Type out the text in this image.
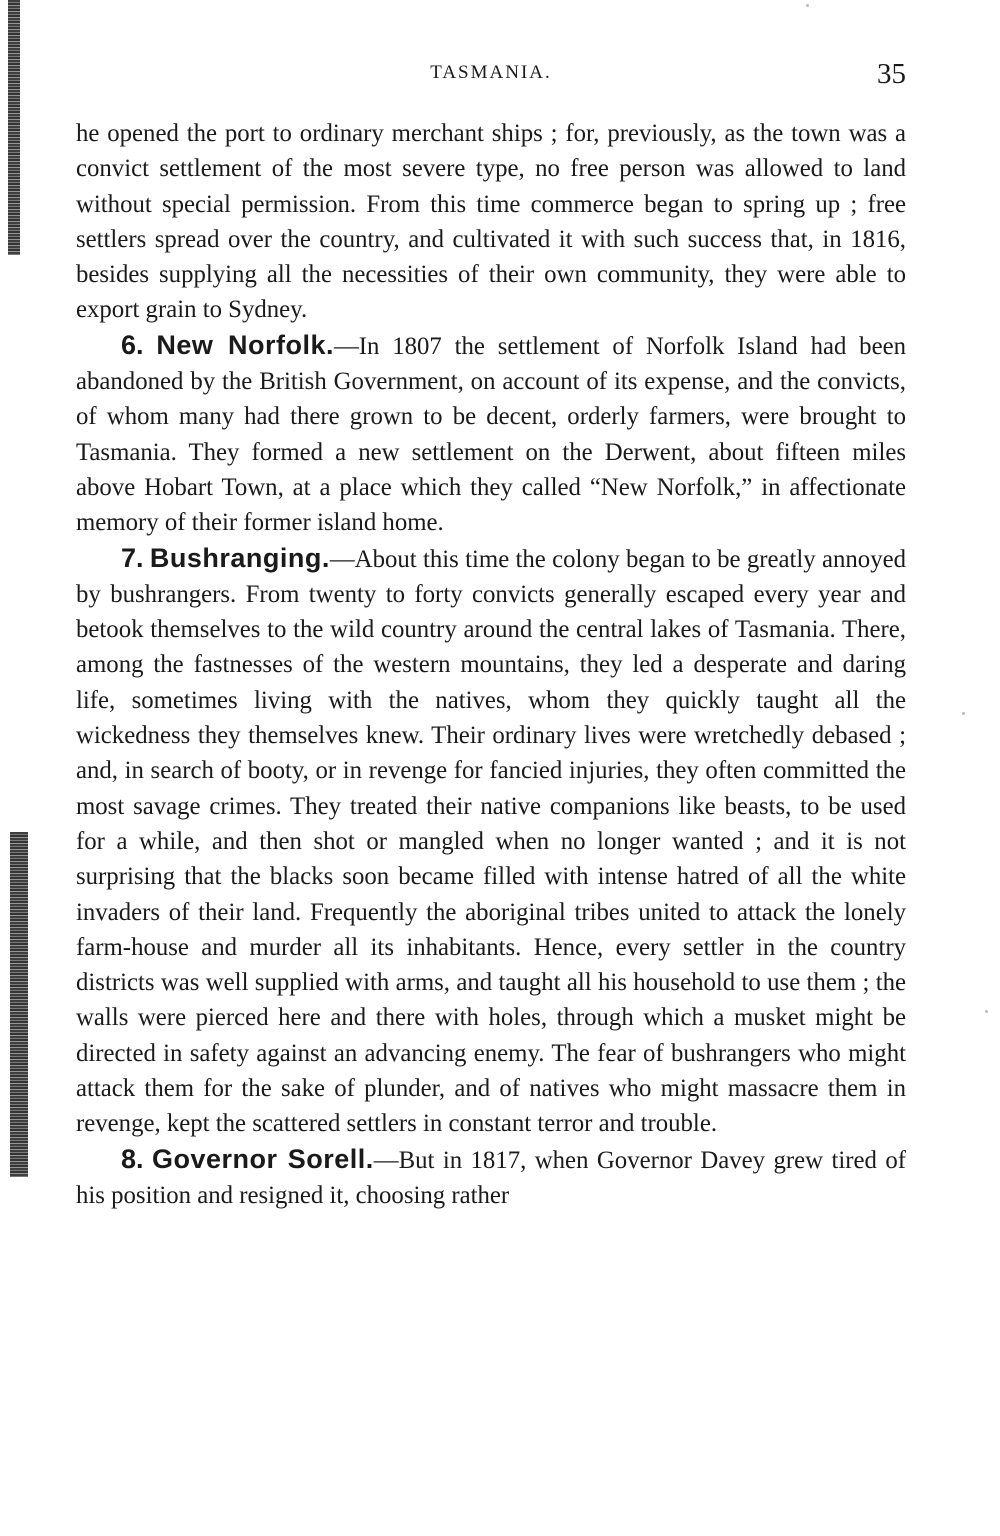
TASMANIA.	35

he opened the port to ordinary merchant ships ; for, previously, as the town was a convict settlement of the most severe type, no free person was allowed to land without special permission. From this time commerce began to spring up ; free settlers spread over the country, and cultivated it with such success that, in 1816, besides supplying all the necessities of their own community, they were able to export grain to Sydney.

6. New Norfolk.—In 1807 the settlement of Norfolk Island had been abandoned by the British Government, on account of its expense, and the convicts, of whom many had there grown to be decent, orderly farmers, were brought to Tasmania. They formed a new settlement on the Derwent, about fifteen miles above Hobart Town, at a place which they called “New Norfolk,” in affectionate memory of their former island home.

7. Bushranging.—About this time the colony began to be greatly annoyed by bushrangers. From twenty to forty convicts generally escaped every year and betook themselves to the wild country around the central lakes of Tasmania. There, among the fastnesses of the western mountains, they led a desperate and daring life, sometimes living with the natives, whom they quickly taught all the wickedness they themselves knew. Their ordinary lives were wretchedly debased ; and, in search of booty, or in revenge for fancied injuries, they often committed the most savage crimes. They treated their native companions like beasts, to be used for a while, and then shot or mangled when no longer wanted ; and it is not surprising that the blacks soon became filled with intense hatred of all the white invaders of their land. Frequently the aboriginal tribes united to attack the lonely farm-house and murder all its inhabitants. Hence, every settler in the country districts was well supplied with arms, and taught all his household to use them ; the walls were pierced here and there with holes, through which a musket might be directed in safety against an advancing enemy. The fear of bushrangers who might attack them for the sake of plunder, and of natives who might massacre them in revenge, kept the scattered settlers in constant terror and trouble.

8. Governor Sorell.—But in 1817, when Governor Davey grew tired of his position and resigned it, choosing rather
